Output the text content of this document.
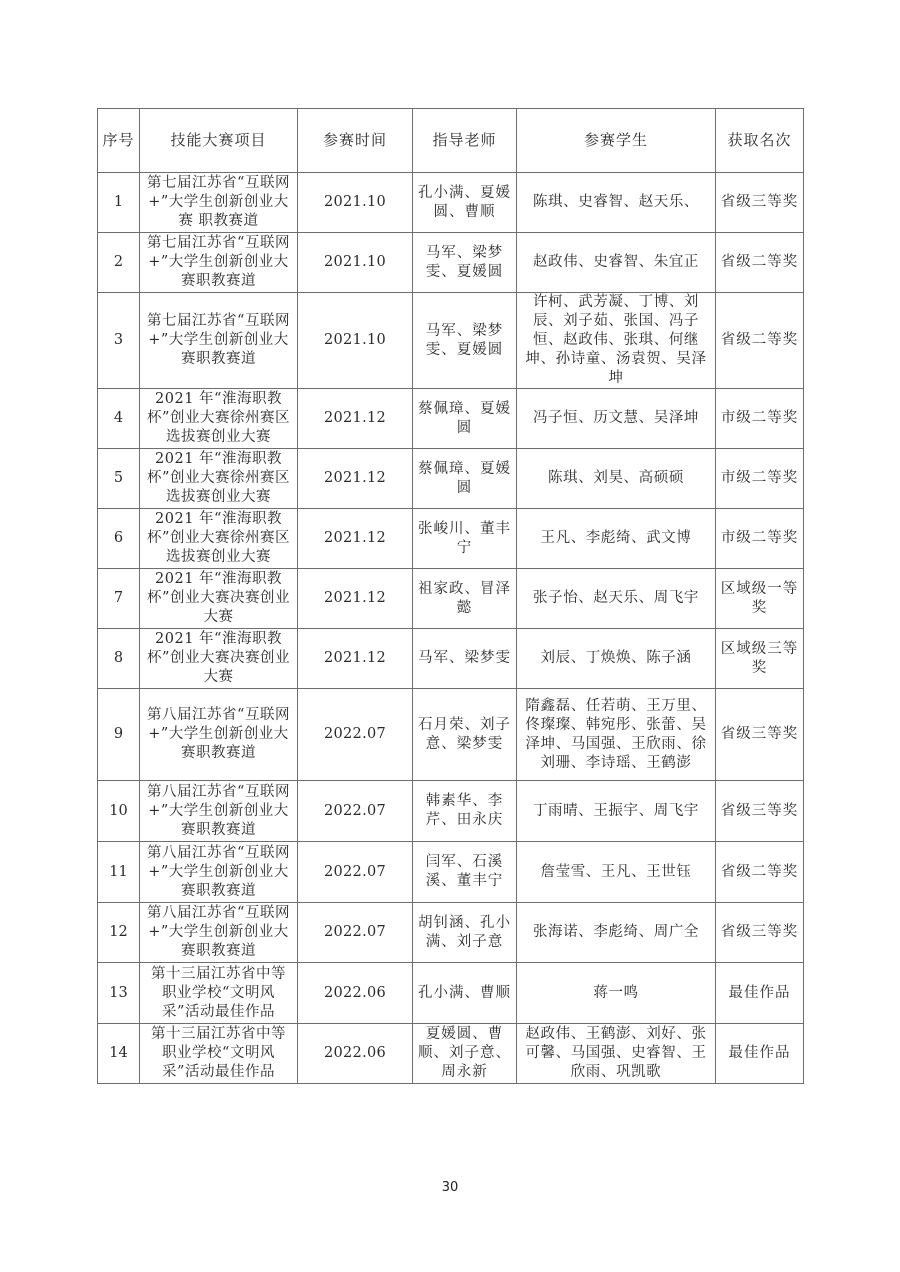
序号	技能大赛项目	参赛时间	指导老师	参赛学生	获取名次
1	第七届江苏省“互联网+”大学生创新创业大赛 职教赛道	2021.10	孔小满、夏媛圆、曹顺	陈琪、史睿智、赵天乐、	省级三等奖
2	第七届江苏省“互联网+”大学生创新创业大赛职教赛道	2021.10	马军、梁梦雯、夏媛圆	赵政伟、史睿智、朱宜正	省级二等奖
3	第七届江苏省“互联网+”大学生创新创业大赛职教赛道	2021.10	马军、梁梦雯、夏媛圆	许柯、武芳凝、丁博、刘辰、刘子茹、张国、冯子恒、赵政伟、张琪、何继坤、孙诗童、汤袁贺、吴泽坤	省级二等奖
4	2021 年“淮海职教杯”创业大赛徐州赛区选拔赛创业大赛	2021.12	蔡佩璋、夏媛圆	冯子恒、历文慧、吴泽坤	市级二等奖
5	2021 年“淮海职教杯”创业大赛徐州赛区选拔赛创业大赛	2021.12	蔡佩璋、夏媛圆	陈琪、刘昊、高硕硕	市级二等奖
6	2021 年“淮海职教杯”创业大赛徐州赛区选拔赛创业大赛	2021.12	张峻川、董丰宁	王凡、李彪绮、武文博	市级二等奖
7	2021 年“淮海职教杯”创业大赛决赛创业大赛	2021.12	祖家政、冒泽懿	张子怡、赵天乐、周飞宇	区域级一等奖
8	2021 年“淮海职教杯”创业大赛决赛创业大赛	2021.12	马军、梁梦雯	刘辰、丁焕焕、陈子涵	区域级三等奖
9	第八届江苏省“互联网+”大学生创新创业大赛职教赛道	2022.07	石月荣、刘子意、梁梦雯	隋鑫磊、任若萌、王万里、佟璨璨、韩宛彤、张蕾、吴泽坤、马国强、王欣雨、徐刘珊、李诗瑶、王鹤澎	省级三等奖
10	第八届江苏省“互联网+”大学生创新创业大赛职教赛道	2022.07	韩素华、李芹、田永庆	丁雨晴、王振宇、周飞宇	省级三等奖
11	第八届江苏省“互联网+”大学生创新创业大赛职教赛道	2022.07	闫军、石溪溪、董丰宁	詹莹雪、王凡、王世钰	省级二等奖
12	第八届江苏省“互联网+”大学生创新创业大赛职教赛道	2022.07	胡钊涵、孔小满、刘子意	张海诺、李彪绮、周广全	省级三等奖
13	第十三届江苏省中等职业学校“文明风采”活动最佳作品	2022.06	孔小满、曹顺	蒋一鸣	最佳作品
14	第十三届江苏省中等职业学校“文明风采”活动最佳作品	2022.06	夏媛圆、曹顺、刘子意、周永新	赵政伟、王鹤澎、刘好、张可馨、马国强、史睿智、王欣雨、巩凯歌	最佳作品
30
